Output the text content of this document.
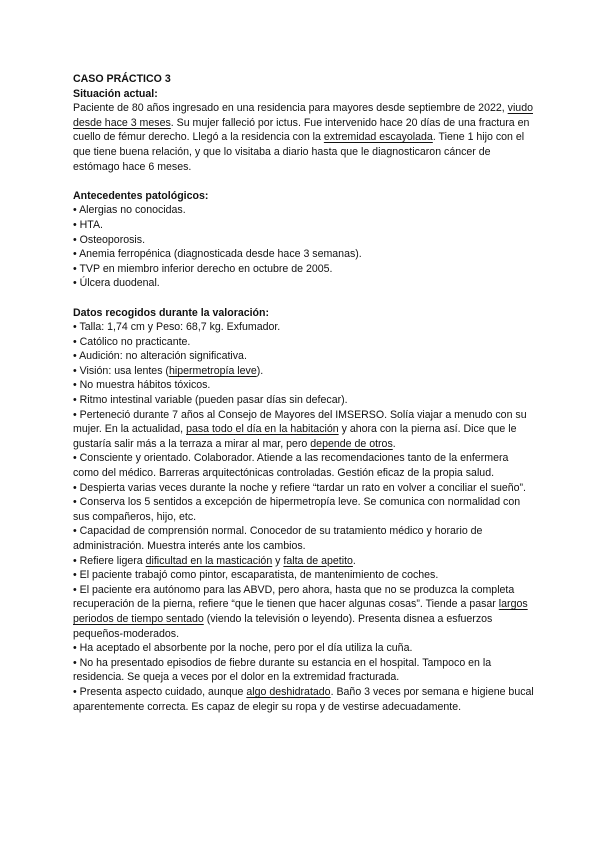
CASO PRÁCTICO 3

Situación actual:

Paciente de 80 años ingresado en una residencia para mayores desde septiembre de 2022, viudo desde hace 3 meses. Su mujer falleció por ictus. Fue intervenido hace 20 días de una fractura en cuello de fémur derecho. Llegó a la residencia con la extremidad escayolada. Tiene 1 hijo con el que tiene buena relación, y que lo visitaba a diario hasta que le diagnosticaron cáncer de estómago hace 6 meses.

Antecedentes patológicos:

• Alergias no conocidas.

• HTA.

• Osteoporosis.

• Anemia ferropénica (diagnosticada desde hace 3 semanas).

• TVP en miembro inferior derecho en octubre de 2005.

• Úlcera duodenal.

Datos recogidos durante la valoración:

• Talla: 1,74 cm y Peso: 68,7 kg. Exfumador.

• Católico no practicante.

• Audición: no alteración significativa.

• Visión: usa lentes (hipermetropía leve).

• No muestra hábitos tóxicos.

• Ritmo intestinal variable (pueden pasar días sin defecar).

• Perteneció durante 7 años al Consejo de Mayores del IMSERSO. Solía viajar a menudo con su mujer. En la actualidad, pasa todo el día en la habitación y ahora con la pierna así. Dice que le gustaría salir más a la terraza a mirar al mar, pero depende de otros.

• Consciente y orientado. Colaborador. Atiende a las recomendaciones tanto de la enfermera como del médico. Barreras arquitectónicas controladas. Gestión eficaz de la propia salud.

• Despierta varias veces durante la noche y refiere “tardar un rato en volver a conciliar el sueño”.

• Conserva los 5 sentidos a excepción de hipermetropía leve. Se comunica con normalidad con sus compañeros, hijo, etc.

• Capacidad de comprensión normal. Conocedor de su tratamiento médico y horario de administración. Muestra interés ante los cambios.

• Refiere ligera dificultad en la masticación y falta de apetito.

• El paciente trabajó como pintor, escaparatista, de mantenimiento de coches.

• El paciente era autónomo para las ABVD, pero ahora, hasta que no se produzca la completa recuperación de la pierna, refiere “que le tienen que hacer algunas cosas”. Tiende a pasar largos periodos de tiempo sentado (viendo la televisión o leyendo). Presenta disnea a esfuerzos pequeños-moderados.

• Ha aceptado el absorbente por la noche, pero por el día utiliza la cuña.

• No ha presentado episodios de fiebre durante su estancia en el hospital. Tampoco en la residencia. Se queja a veces por el dolor en la extremidad fracturada.

• Presenta aspecto cuidado, aunque algo deshidratado. Baño 3 veces por semana e higiene bucal aparentemente correcta. Es capaz de elegir su ropa y de vestirse adecuadamente.
